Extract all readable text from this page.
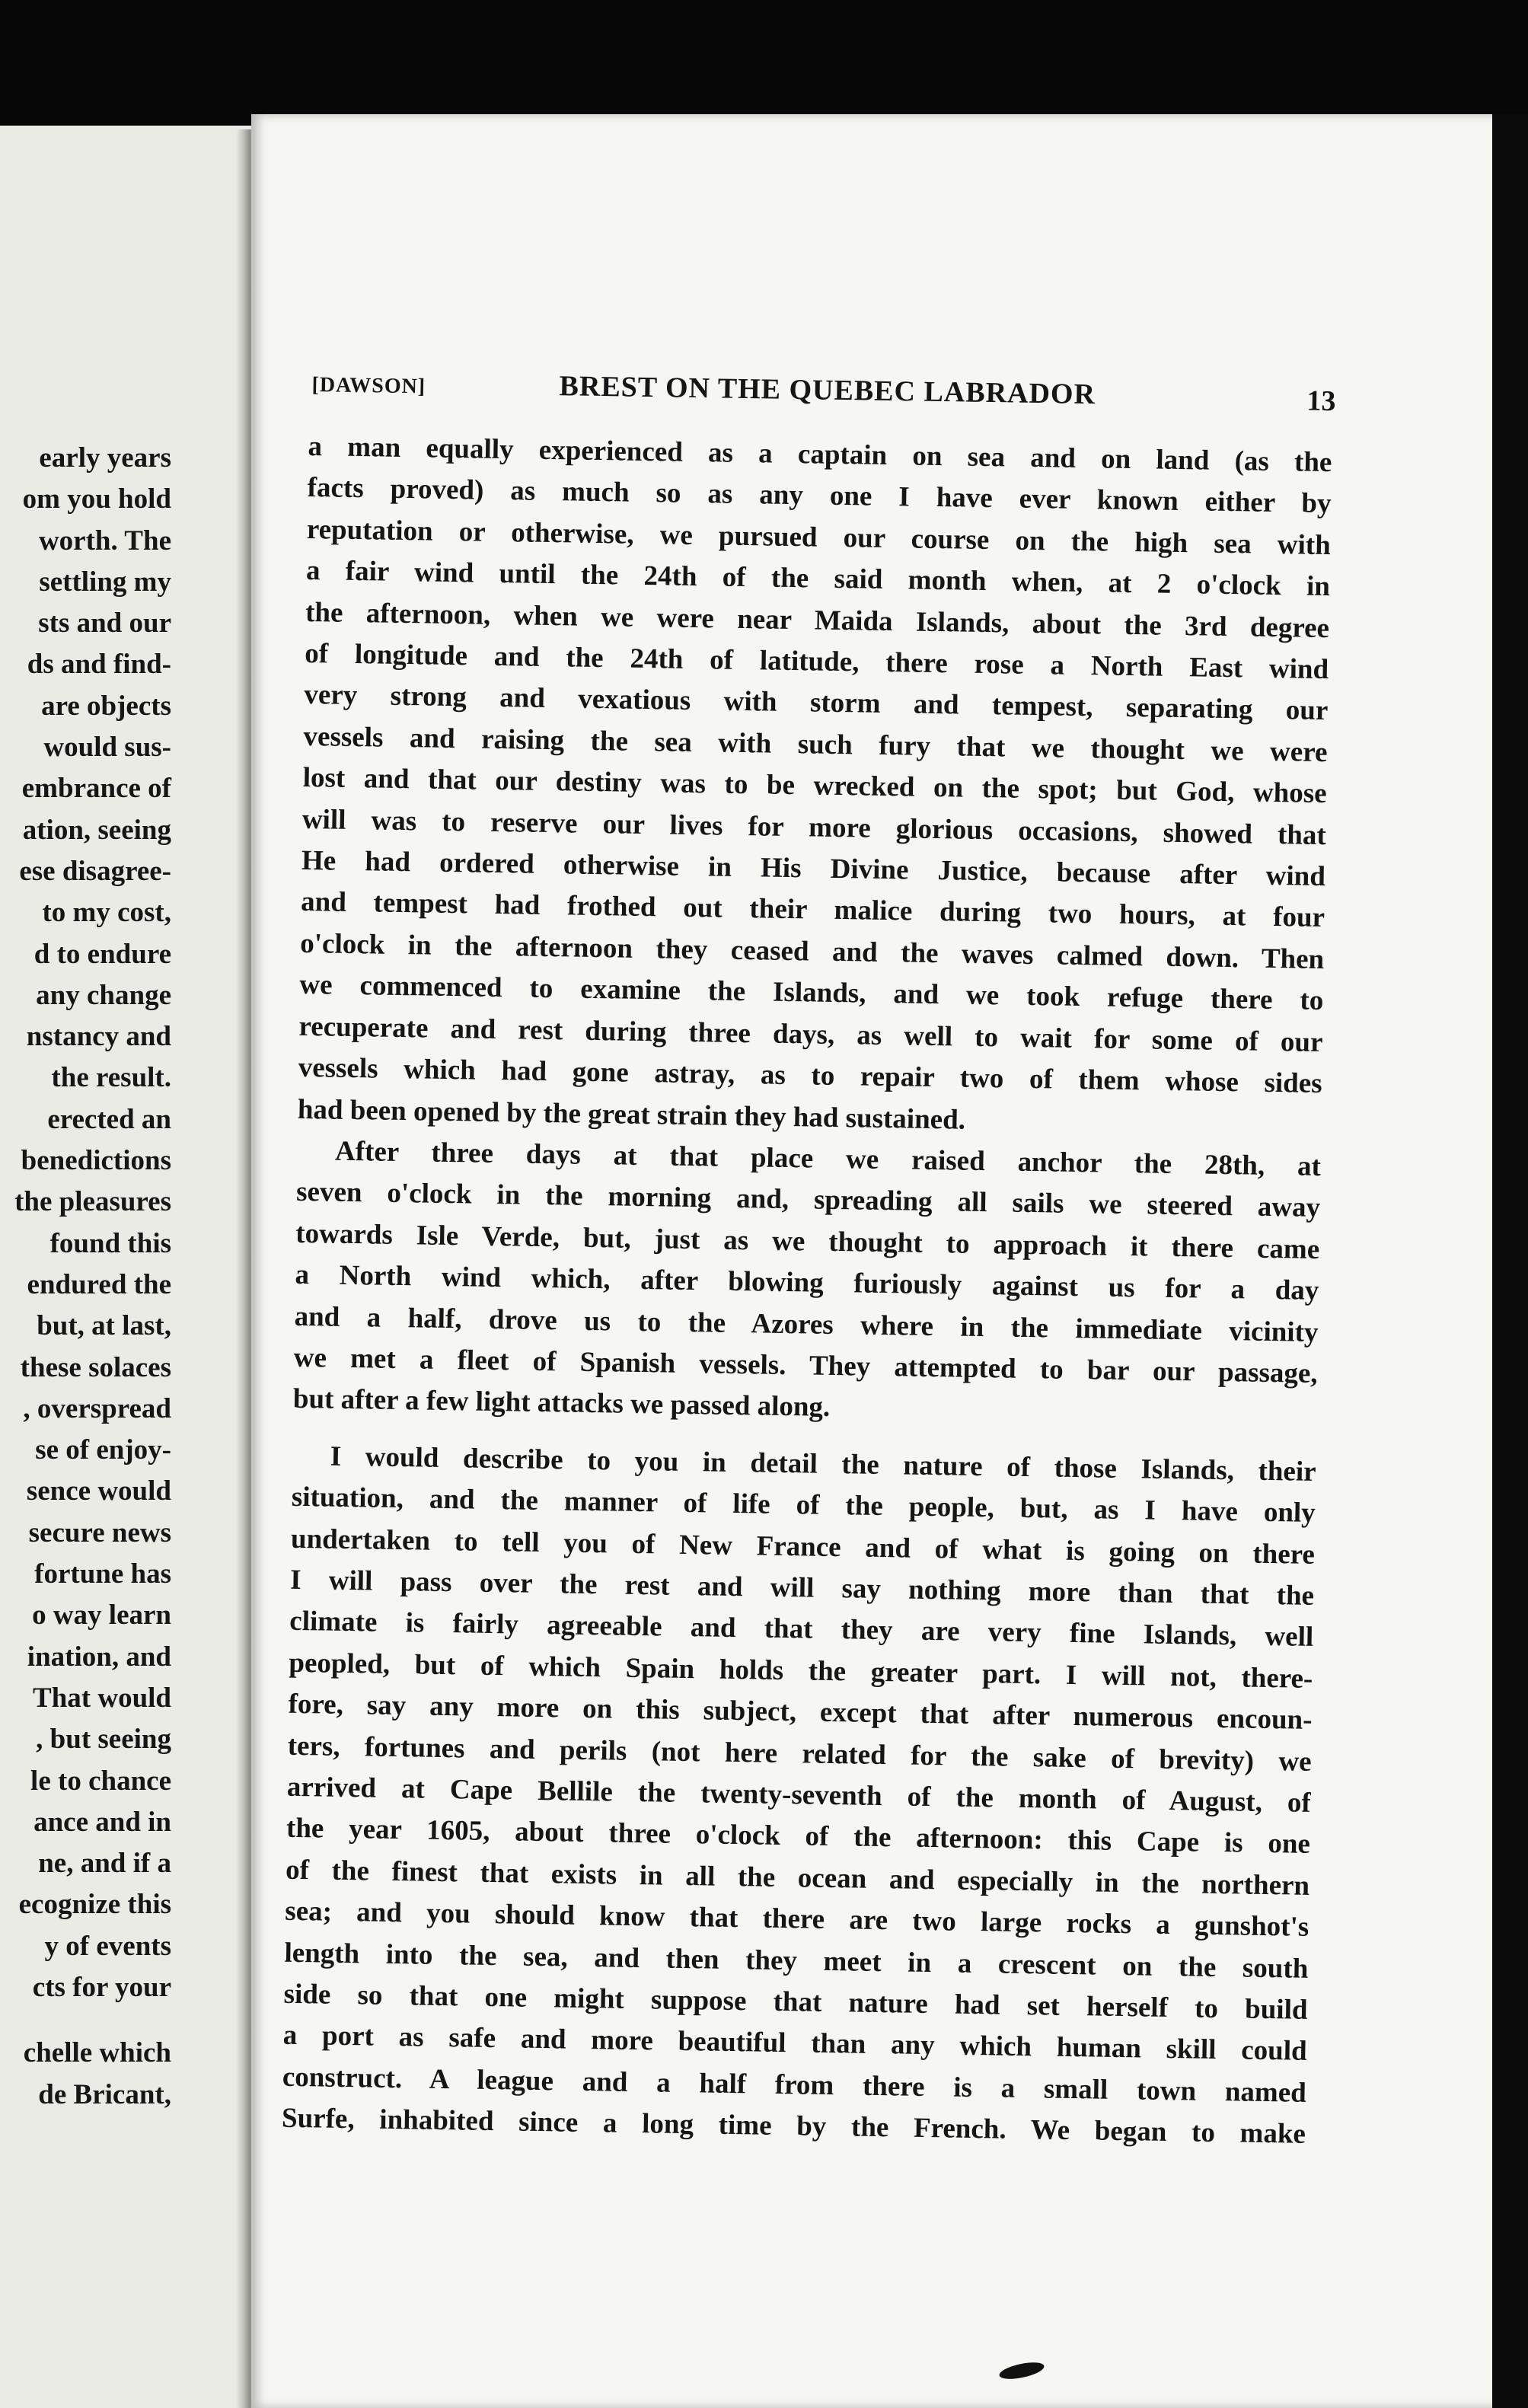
early years
om you hold
worth. The
settling my
sts and our
ds and find-
are objects
would sus-
embrance of
ation, seeing
ese disagree-
to my cost,
d to endure
any change
nstancy and
the result.
erected an
benedictions
the pleasures
found this
endured the
but, at last,
these solaces
, overspread
se of enjoy-
sence would
secure news
fortune has
o way learn
ination, and
That would
, but seeing
le to chance
ance and in
ne, and if a
ecognize this
y of events
cts for your
chelle which
de Bricant,
[DAWSON]	BREST ON THE QUEBEC LABRADOR	13
a man equally experienced as a captain on sea and on land (as the
facts proved) as much so as any one I have ever known either by
reputation or otherwise, we pursued our course on the high sea with
a fair wind until the 24th of the said month when, at 2 o'clock in
the afternoon, when we were near Maida Islands, about the 3rd degree
of longitude and the 24th of latitude, there rose a North East wind
very strong and vexatious with storm and tempest, separating our
vessels and raising the sea with such fury that we thought we were
lost and that our destiny was to be wrecked on the spot; but God, whose
will was to reserve our lives for more glorious occasions, showed that
He had ordered otherwise in His Divine Justice, because after wind
and tempest had frothed out their malice during two hours, at four
o'clock in the afternoon they ceased and the waves calmed down. Then
we commenced to examine the Islands, and we took refuge there to
recuperate and rest during three days, as well to wait for some of our
vessels which had gone astray, as to repair two of them whose sides
had been opened by the great strain they had sustained.
After three days at that place we raised anchor the 28th, at
seven o'clock in the morning and, spreading all sails we steered away
towards Isle Verde, but, just as we thought to approach it there came
a North wind which, after blowing furiously against us for a day
and a half, drove us to the Azores where in the immediate vicinity
we met a fleet of Spanish vessels. They attempted to bar our passage,
but after a few light attacks we passed along.
I would describe to you in detail the nature of those Islands, their
situation, and the manner of life of the people, but, as I have only
undertaken to tell you of New France and of what is going on there
I will pass over the rest and will say nothing more than that the
climate is fairly agreeable and that they are very fine Islands, well
peopled, but of which Spain holds the greater part. I will not, there-
fore, say any more on this subject, except that after numerous encoun-
ters, fortunes and perils (not here related for the sake of brevity) we
arrived at Cape Bellile the twenty-seventh of the month of August, of
the year 1605, about three o'clock of the afternoon: this Cape is one
of the finest that exists in all the ocean and especially in the northern
sea; and you should know that there are two large rocks a gunshot's
length into the sea, and then they meet in a crescent on the south
side so that one might suppose that nature had set herself to build
a port as safe and more beautiful than any which human skill could
construct. A league and a half from there is a small town named
Surfe, inhabited since a long time by the French. We began to make
